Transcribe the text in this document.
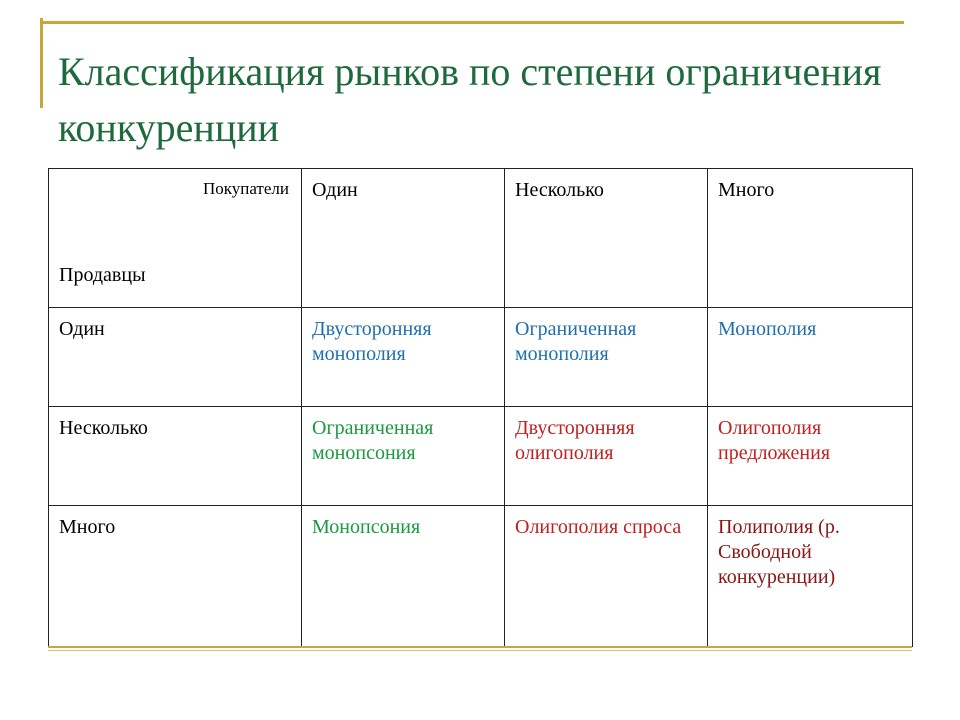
Классификация рынков по степени ограничения конкуренции
Покупатели
Продавцы	Один	Несколько	Много
Один	Двусторонняя монополия	Ограниченная монополия	Монополия
Несколько	Ограниченная монопсония	Двусторонняя олигополия	Олигополия предложения
Много	Монопсония	Олигополия спроса	Полиполия (р. Свободной конкуренции)
